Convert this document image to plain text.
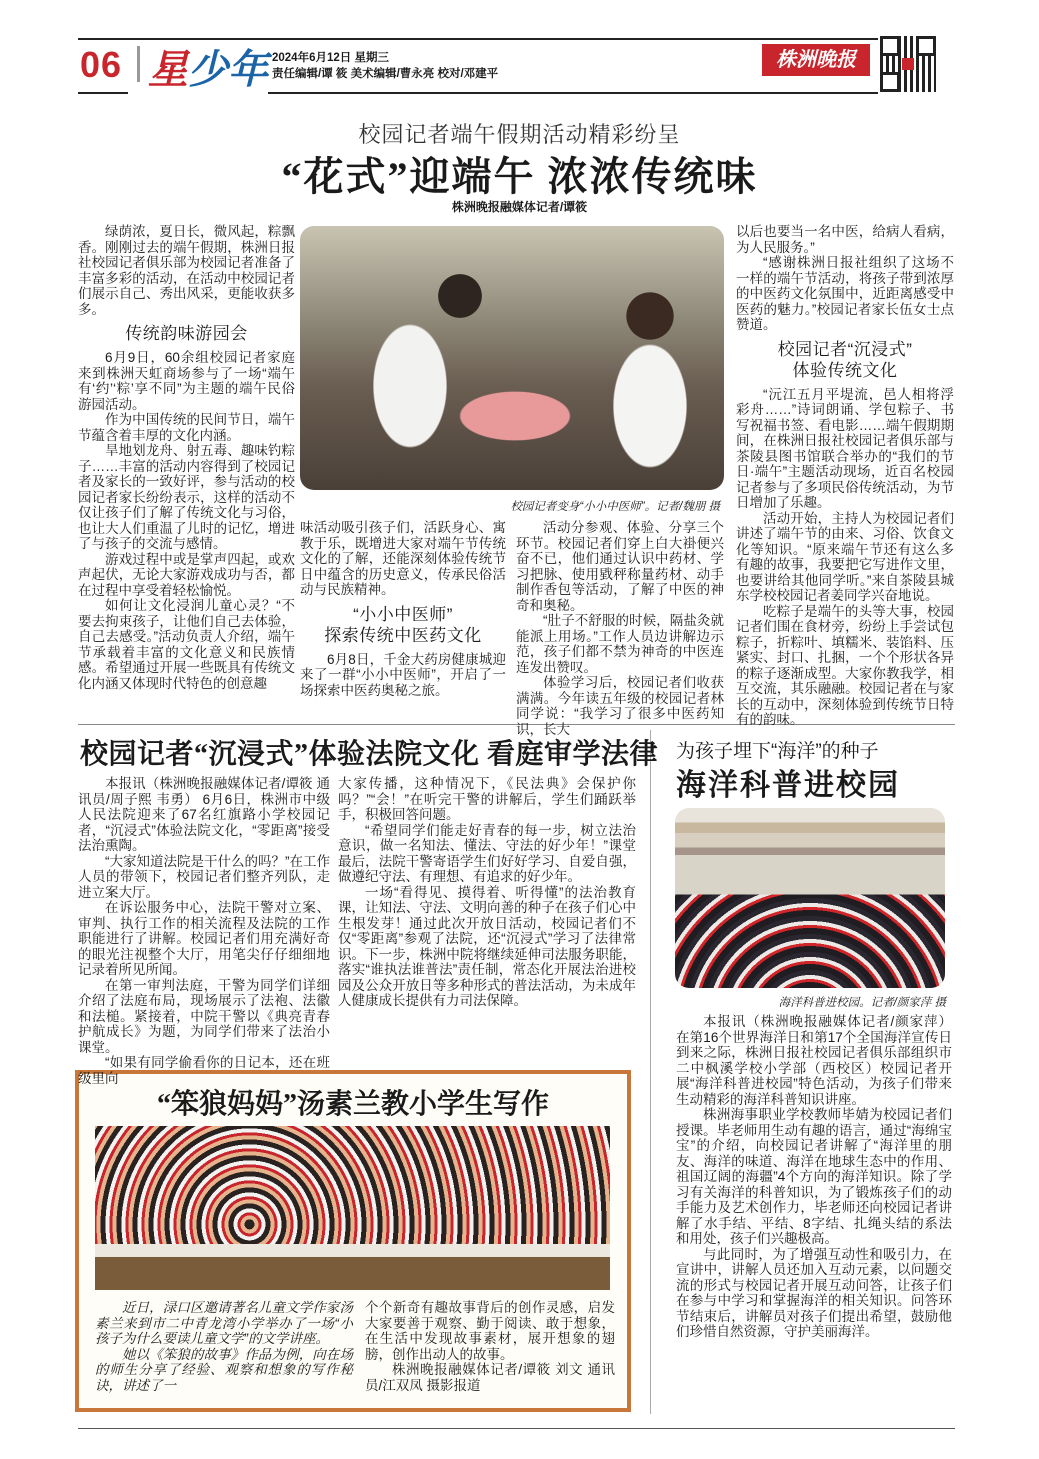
06 星少年 2024年6月12日 星期三
责任编辑/谭 筱 美术编辑/曹永亮 校对/邓建平
株洲晚报
校园记者端午假期活动精彩纷呈
“花式”迎端午 浓浓传统味
株洲晚报融媒体记者/谭筱
校园记者变身“小小中医师”。记者/魏朋 摄

绿荫浓，夏日长，微风起，粽飘香。刚刚过去的端午假期，株洲日报社校园记者俱乐部为校园记者准备了丰富多彩的活动，在活动中校园记者们展示自己、秀出风采，更能收获多多。

传统韵味游园会

6月9日，60余组校园记者家庭来到株洲天虹商场参与了一场“端午有‘约’‘粽’享不同”为主题的端午民俗游园活动。

作为中国传统的民间节日，端午节蕴含着丰厚的文化内涵。

旱地划龙舟、射五毒、趣味钓粽子……丰富的活动内容得到了校园记者及家长的一致好评，参与活动的校园记者家长纷纷表示，这样的活动不仅让孩子们了解了传统文化与习俗，也让大人们重温了儿时的记忆，增进了与孩子的交流与感情。

游戏过程中或是掌声四起，或欢声起伏，无论大家游戏成功与否，都在过程中享受着轻松愉悦。

如何让文化浸润儿童心灵？“不要去拘束孩子，让他们自己去体验，自己去感受。”活动负责人介绍，端午节承载着丰富的文化意义和民族情感。希望通过开展一些既具有传统文化内涵又体现时代特色的创意趣

味活动吸引孩子们，活跃身心、寓教于乐，既增进大家对端午节传统文化的了解，还能深刻体验传统节日中蕴含的历史意义，传承民俗活动与民族精神。

“小小中医师”
探索传统中医药文化

6月8日，千金大药房健康城迎来了一群“小小中医师”，开启了一场探索中医药奥秘之旅。

活动分参观、体验、分享三个环节。校园记者们穿上白大褂便兴奋不已，他们通过认识中药材、学习把脉、使用戥秤称量药材、动手制作香包等活动，了解了中医的神奇和奥秘。

“肚子不舒服的时候，隔盐灸就能派上用场。”工作人员边讲解边示范，孩子们都不禁为神奇的中医连连发出赞叹。

体验学习后，校园记者们收获满满。今年读五年级的校园记者林同学说：“我学习了很多中医药知识，长大

以后也要当一名中医，给病人看病，为人民服务。”

“感谢株洲日报社组织了这场不一样的端午节活动，将孩子带到浓厚的中医药文化氛围中，近距离感受中医药的魅力。”校园记者家长伍女士点赞道。

校园记者“沉浸式”
体验传统文化

“沅江五月平堤流，邑人相将浮彩舟……”诗词朗诵、学包粽子、书写祝福书签、看电影……端午假期期间，在株洲日报社校园记者俱乐部与茶陵县图书馆联合举办的“我们的节日·端午”主题活动现场，近百名校园记者参与了多项民俗传统活动，为节日增加了乐趣。

活动开始，主持人为校园记者们讲述了端午节的由来、习俗、饮食文化等知识。“原来端午节还有这么多有趣的故事，我要把它写进作文里，也要讲给其他同学听。”来自茶陵县城东学校校园记者姜同学兴奋地说。

吃粽子是端午的头等大事，校园记者们围在食材旁，纷纷上手尝试包粽子，折粽叶、填糯米、装馅料、压紧实、封口、扎捆，一个个形状各异的粽子逐渐成型。大家你教我学，相互交流，其乐融融。校园记者在与家长的互动中，深刻体验到传统节日特有的韵味。

校园记者“沉浸式”体验法院文化 看庭审学法律

本报讯（株洲晚报融媒体记者/谭筱 通讯员/周子熙 韦勇） 6月6日，株洲市中级人民法院迎来了67名红旗路小学校园记者，“沉浸式”体验法院文化，“零距离”接受法治熏陶。

“大家知道法院是干什么的吗？”在工作人员的带领下，校园记者们整齐列队，走进立案大厅。

在诉讼服务中心，法院干警对立案、审判、执行工作的相关流程及法院的工作职能进行了讲解。校园记者们用充满好奇的眼光注视整个大厅，用笔尖仔仔细细地记录着所见所闻。

在第一审判法庭，干警为同学们详细介绍了法庭布局，现场展示了法袍、法徽和法槌。紧接着，中院干警以《典亮青春 护航成长》为题，为同学们带来了法治小课堂。

“如果有同学偷看你的日记本，还在班级里向

大家传播，这种情况下，《民法典》会保护你吗？”“会！”在听完干警的讲解后，学生们踊跃举手，积极回答问题。

“希望同学们能走好青春的每一步，树立法治意识，做一名知法、懂法、守法的好少年！”课堂最后，法院干警寄语学生们好好学习、自爱自强，做遵纪守法、有理想、有追求的好少年。

一场“看得见、摸得着、听得懂”的法治教育课，让知法、守法、文明向善的种子在孩子们心中生根发芽！通过此次开放日活动，校园记者们不仅“零距离”参观了法院，还“沉浸式”学习了法律常识。下一步，株洲中院将继续延伸司法服务职能，落实“谁执法谁普法”责任制，常态化开展法治进校园及公众开放日等多种形式的普法活动，为未成年人健康成长提供有力司法保障。

为孩子埋下“海洋”的种子
海洋科普进校园
海洋科普进校园。记者/颜家萍 摄

本报讯（株洲晚报融媒体记者/颜家萍） 在第16个世界海洋日和第17个全国海洋宣传日到来之际，株洲日报社校园记者俱乐部组织市二中枫溪学校小学部（西校区）校园记者开展“海洋科普进校园”特色活动，为孩子们带来生动精彩的海洋科普知识讲座。

株洲海事职业学校教师毕婧为校园记者们授课。毕老师用生动有趣的语言，通过“海绵宝宝”的介绍，向校园记者讲解了“海洋里的朋友、海洋的味道、海洋在地球生态中的作用、祖国辽阔的海疆”4个方向的海洋知识。除了学习有关海洋的科普知识，为了锻炼孩子们的动手能力及艺术创作力，毕老师还向校园记者讲解了水手结、平结、8字结、扎绳头结的系法和用处，孩子们兴趣极高。

与此同时，为了增强互动性和吸引力，在宣讲中，讲解人员还加入互动元素，以问题交流的形式与校园记者开展互动问答，让孩子们在参与中学习和掌握海洋的相关知识。问答环节结束后，讲解员对孩子们提出希望，鼓励他们珍惜自然资源，守护美丽海洋。

“笨狼妈妈”汤素兰教小学生写作

近日，渌口区邀请著名儿童文学作家汤素兰来到市二中青龙湾小学举办了一场“小孩子为什么要读儿童文学”的文学讲座。

她以《笨狼的故事》作品为例，向在场的师生分享了经验、观察和想象的写作秘诀，讲述了一

个个新奇有趣故事背后的创作灵感，启发大家要善于观察、勤于阅读、敢于想象，在生活中发现故事素材，展开想象的翅膀，创作出动人的故事。

株洲晚报融媒体记者/谭筱 刘文 通讯员/江双凤 摄影报道
